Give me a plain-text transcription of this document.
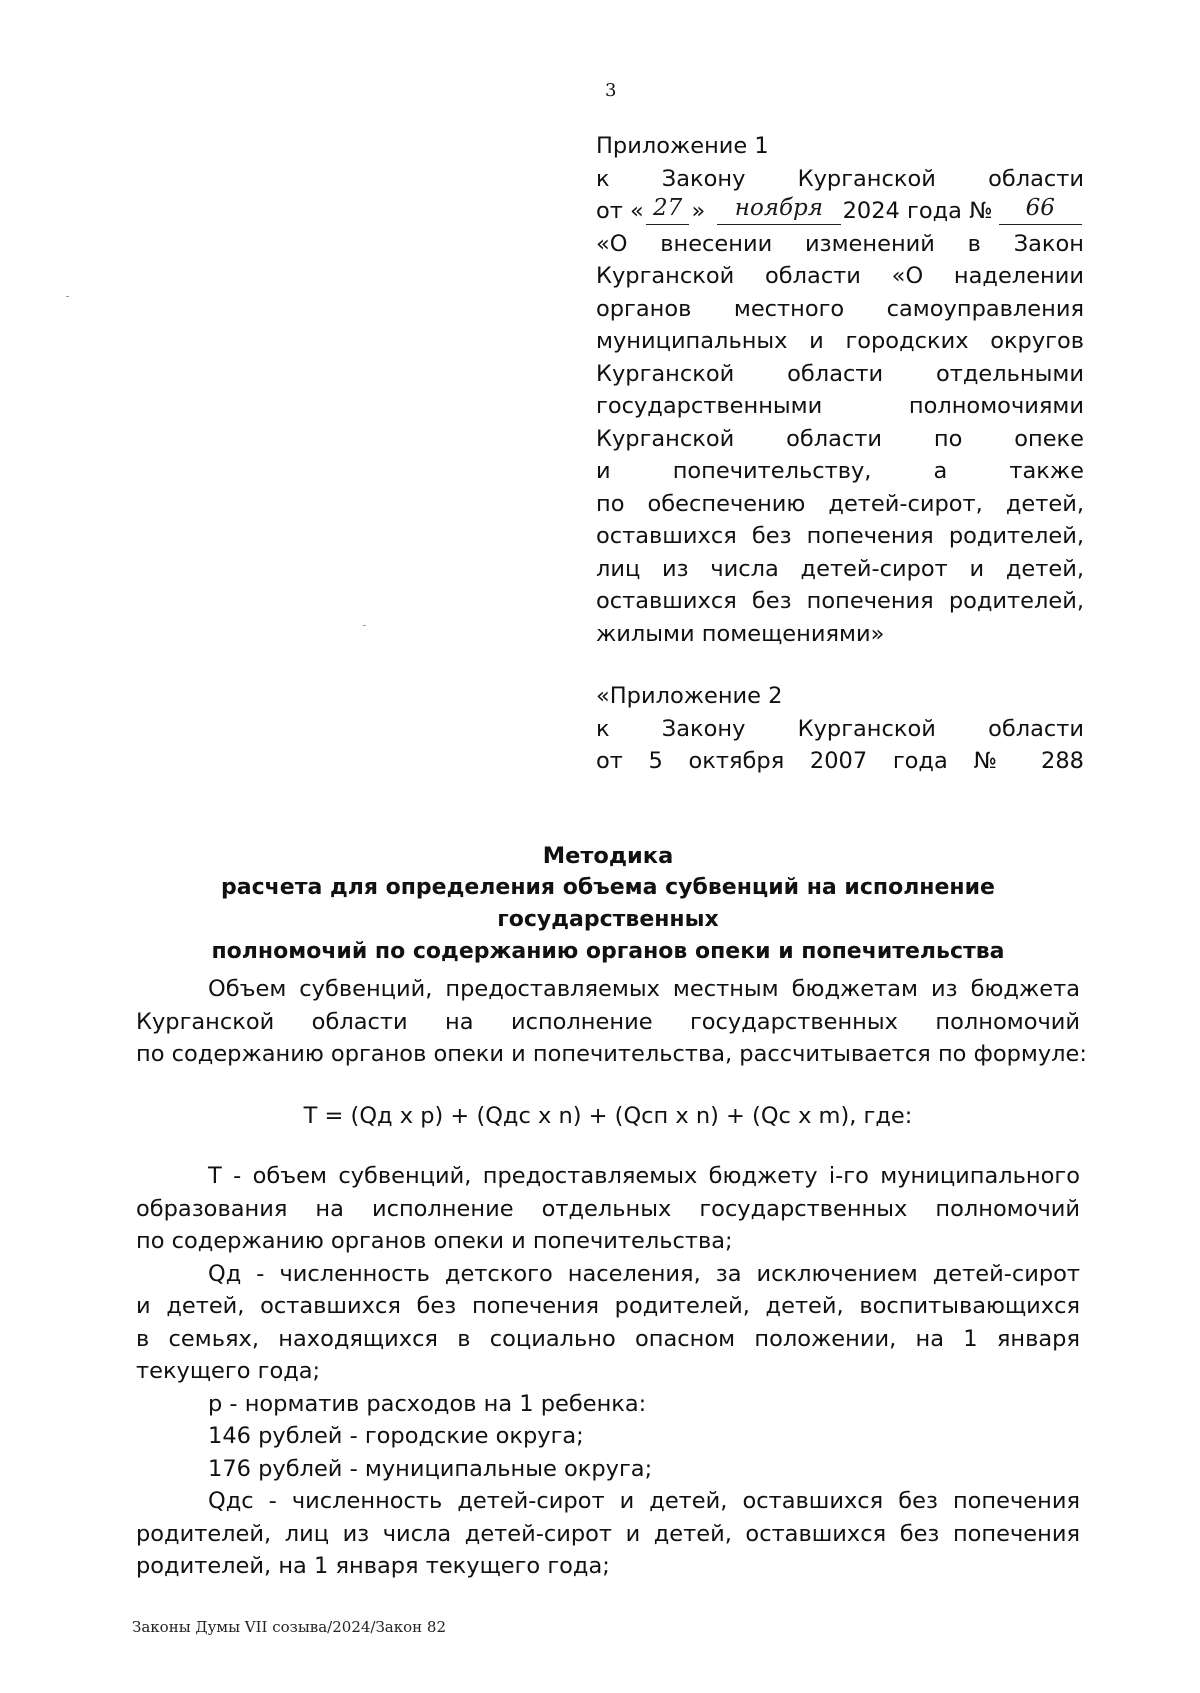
3
Приложение 1
к Закону Курганской области
от « 27 »	ноября 2024 года №	66
«О внесении изменений в Закон
Курганской области «О наделении
органов местного самоуправления
муниципальных и городских округов
Курганской области отдельными
государственными полномочиями
Курганской области по опеке
и попечительству, а также
по обеспечению детей-сирот, детей,
оставшихся без попечения родителей,
лиц из числа детей-сирот и детей,
оставшихся без попечения родителей,
жилыми помещениями»
«Приложение 2
к Закону Курганской области
от 5 октября 2007 года № 288
Методика
расчета для определения объема субвенций на исполнение государственных
полномочий по содержанию органов опеки и попечительства
Объем субвенций, предоставляемых местным бюджетам из бюджета
Курганской области на исполнение государственных полномочий
по содержанию органов опеки и попечительства, рассчитывается по формуле:
T = (Qд x p) + (Qдс x n) + (Qсп x n) + (Qс x m), где:
T - объем субвенций, предоставляемых бюджету i-го муниципального
образования на исполнение отдельных государственных полномочий
по содержанию органов опеки и попечительства;
Qд - численность детского населения, за исключением детей-сирот
и детей, оставшихся без попечения родителей, детей, воспитывающихся
в семьях, находящихся в социально опасном положении, на 1 января
текущего года;
p - норматив расходов на 1 ребенка:
146 рублей - городские округа;
176 рублей - муниципальные округа;
Qдс - численность детей-сирот и детей, оставшихся без попечения
родителей, лиц из числа детей-сирот и детей, оставшихся без попечения
родителей, на 1 января текущего года;
Законы Думы VII созыва/2024/Закон 82
